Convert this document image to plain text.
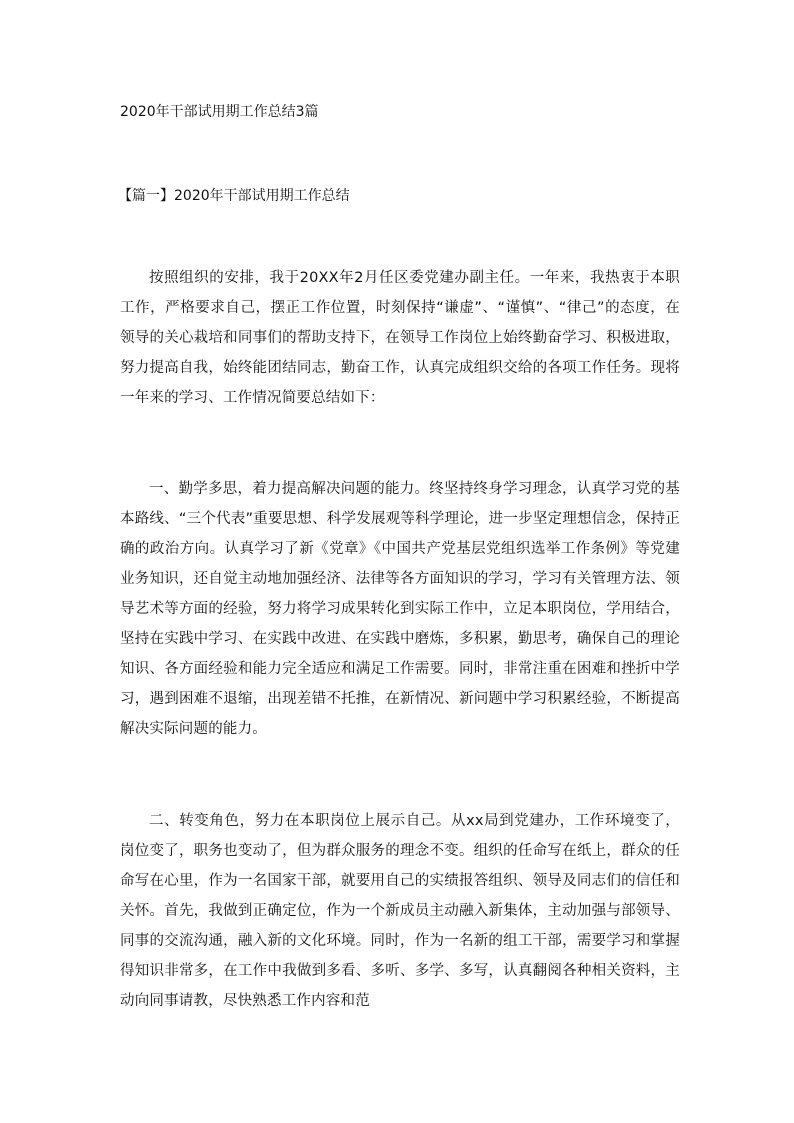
2020年干部试用期工作总结3篇
【篇一】2020年干部试用期工作总结

按照组织的安排，我于20XX年2月任区委党建办副主任。一年来，我热衷于本职工作，严格要求自己，摆正工作位置，时刻保持“谦虚”、“谨慎”、“律己”的态度，在领导的关心栽培和同事们的帮助支持下，在领导工作岗位上始终勤奋学习、积极进取，努力提高自我，始终能团结同志，勤奋工作，认真完成组织交给的各项工作任务。现将一年来的学习、工作情况简要总结如下：

一、勤学多思，着力提高解决问题的能力。终坚持终身学习理念，认真学习党的基本路线、“三个代表”重要思想、科学发展观等科学理论，进一步坚定理想信念，保持正确的政治方向。认真学习了新《党章》《中国共产党基层党组织选举工作条例》等党建业务知识，还自觉主动地加强经济、法律等各方面知识的学习，学习有关管理方法、领导艺术等方面的经验，努力将学习成果转化到实际工作中，立足本职岗位，学用结合，坚持在实践中学习、在实践中改进、在实践中磨炼，多积累，勤思考，确保自己的理论知识、各方面经验和能力完全适应和满足工作需要。同时，非常注重在困难和挫折中学习，遇到困难不退缩，出现差错不托推，在新情况、新问题中学习积累经验，不断提高解决实际问题的能力。

二、转变角色，努力在本职岗位上展示自己。从xx局到党建办，工作环境变了，岗位变了，职务也变动了，但为群众服务的理念不变。组织的任命写在纸上，群众的任命写在心里，作为一名国家干部，就要用自己的实绩报答组织、领导及同志们的信任和关怀。首先，我做到正确定位，作为一个新成员主动融入新集体，主动加强与部领导、同事的交流沟通，融入新的文化环境。同时，作为一名新的组工干部，需要学习和掌握得知识非常多，在工作中我做到多看、多听、多学、多写，认真翻阅各种相关资料，主动向同事请教，尽快熟悉工作内容和范
